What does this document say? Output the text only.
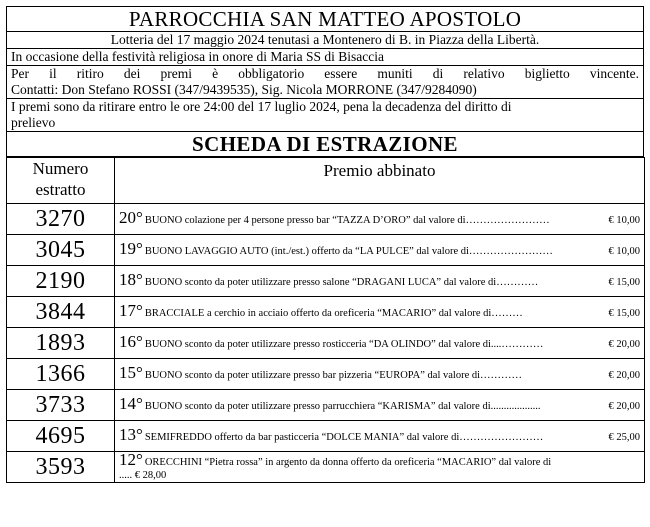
PARROCCHIA SAN MATTEO APOSTOLO
Lotteria del 17 maggio 2024 tenutasi a Montenero di B. in Piazza della Libertà.
In occasione della festività religiosa in onore di Maria SS di Bisaccia
Per il ritiro dei premi è obbligatorio essere muniti di relativo biglietto vincente.
Contatti: Don Stefano ROSSI (347/9439535), Sig. Nicola MORRONE (347/9284090)
I premi sono da ritirare entro le ore 24:00 del 17 luglio 2024, pena la decadenza del diritto di
prelievo
SCHEDA DI ESTRAZIONE
Numero
estratto	Premio abbinato
3270	20° BUONO colazione per 4 persone presso bar “TAZZA D’ORO” dal valore di …………………… € 10,00

3045	19° BUONO LAVAGGIO AUTO (int./est.) offerto da “LA PULCE” dal valore di …………………… € 10,00

2190	18° BUONO sconto da poter utilizzare presso salone “DRAGANI LUCA” dal valore di ………… € 15,00

3844	17° BRACCIALE a cerchio in acciaio offerto da oreficeria “MACARIO” dal valore di ……… € 15,00

1893	16° BUONO sconto da poter utilizzare presso rosticceria “DA OLINDO” dal valore di.... ………… € 20,00

1366	15° BUONO sconto da poter utilizzare presso bar pizzeria “EUROPA” dal valore di ………… € 20,00

3733	14° BUONO sconto da poter utilizzare presso parrucchiera “KARISMA” dal valore di ................... € 20,00

4695	13° SEMIFREDDO offerto da bar pasticceria “DOLCE MANIA” dal valore di …………………… € 25,00

3593	12° ORECCHINI “Pietra rossa” in argento da donna offerto da oreficeria “MACARIO” dal valore di
..... € 28,00
